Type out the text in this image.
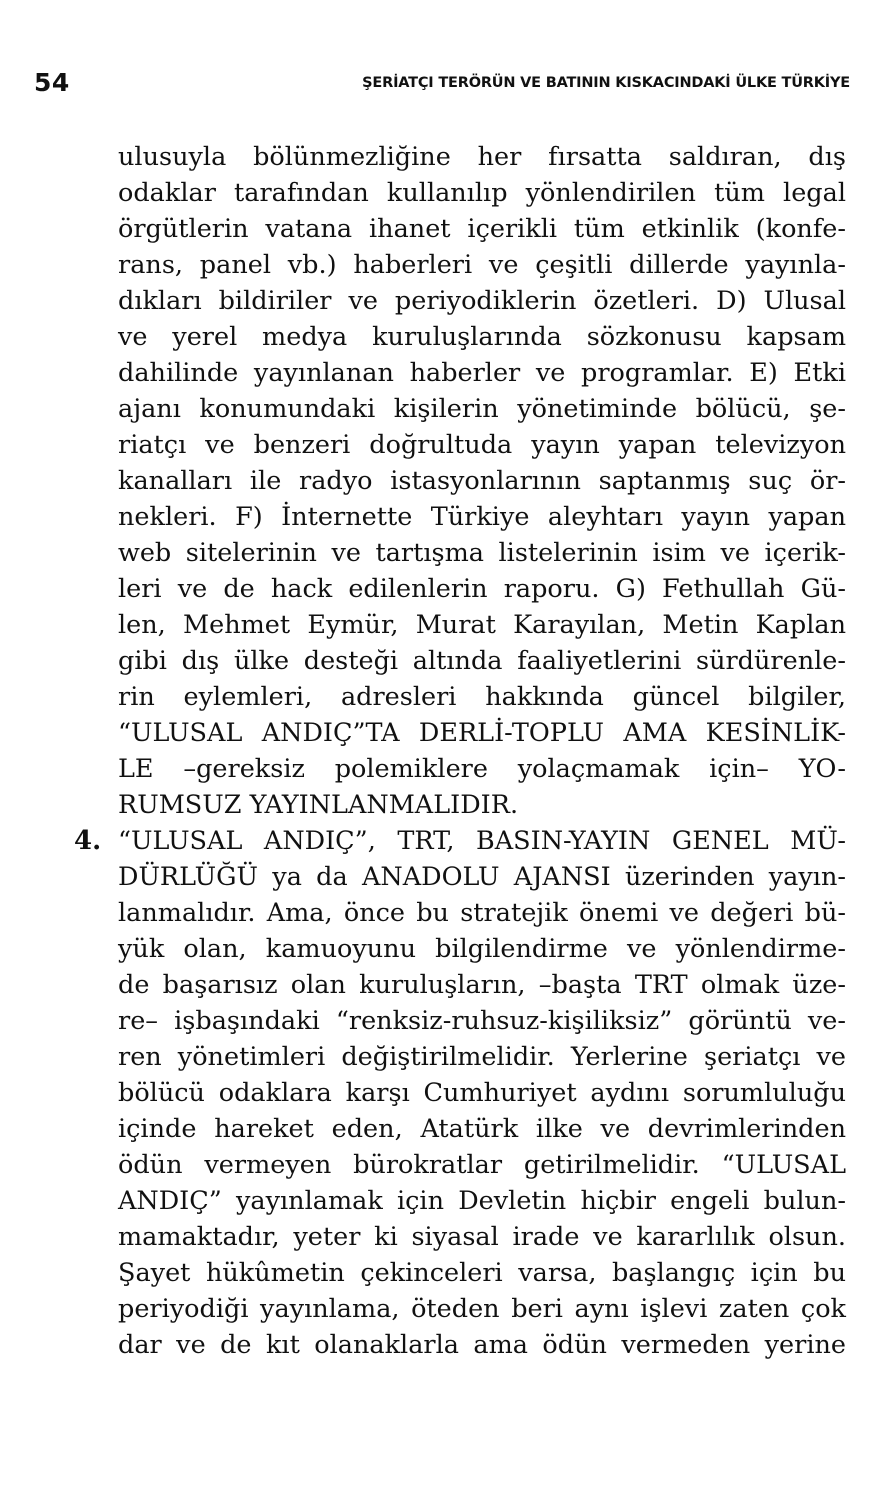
54	ŞERİATÇI TERÖRÜN VE BATININ KISKACINDAKİ ÜLKE TÜRKİYE
ulusuyla bölünmezliğine her fırsatta saldıran, dış
odaklar tarafından kullanılıp yönlendirilen tüm legal
örgütlerin vatana ihanet içerikli tüm etkinlik (konfe-
rans, panel vb.) haberleri ve çeşitli dillerde yayınla-
dıkları bildiriler ve periyodiklerin özetleri. D) Ulusal
ve yerel medya kuruluşlarında sözkonusu kapsam
dahilinde yayınlanan haberler ve programlar. E) Etki
ajanı konumundaki kişilerin yönetiminde bölücü, şe-
riatçı ve benzeri doğrultuda yayın yapan televizyon
kanalları ile radyo istasyonlarının saptanmış suç ör-
nekleri. F) İnternette Türkiye aleyhtarı yayın yapan
web sitelerinin ve tartışma listelerinin isim ve içerik-
leri ve de hack edilenlerin raporu. G) Fethullah Gü-
len, Mehmet Eymür, Murat Karayılan, Metin Kaplan
gibi dış ülke desteği altında faaliyetlerini sürdürenle-
rin eylemleri, adresleri hakkında güncel bilgiler,
“ULUSAL ANDIÇ”TA DERLİ-TOPLU AMA KESİNLİK-
LE –gereksiz polemiklere yolaçmamak için– YO-
RUMSUZ YAYINLANMALIDIR.
4. “ULUSAL ANDIÇ”, TRT, BASIN-YAYIN GENEL MÜ-
DÜRLÜĞÜ ya da ANADOLU AJANSI üzerinden yayın-
lanmalıdır. Ama, önce bu stratejik önemi ve değeri bü-
yük olan, kamuoyunu bilgilendirme ve yönlendirme-
de başarısız olan kuruluşların, –başta TRT olmak üze-
re– işbaşındaki “renksiz-ruhsuz-kişiliksiz” görüntü ve-
ren yönetimleri değiştirilmelidir. Yerlerine şeriatçı ve
bölücü odaklara karşı Cumhuriyet aydını sorumluluğu
içinde hareket eden, Atatürk ilke ve devrimlerinden
ödün vermeyen bürokratlar getirilmelidir. “ULUSAL
ANDIÇ” yayınlamak için Devletin hiçbir engeli bulun-
mamaktadır, yeter ki siyasal irade ve kararlılık olsun.
Şayet hükûmetin çekinceleri varsa, başlangıç için bu
periyodiği yayınlama, öteden beri aynı işlevi zaten çok
dar ve de kıt olanaklarla ama ödün vermeden yerine
